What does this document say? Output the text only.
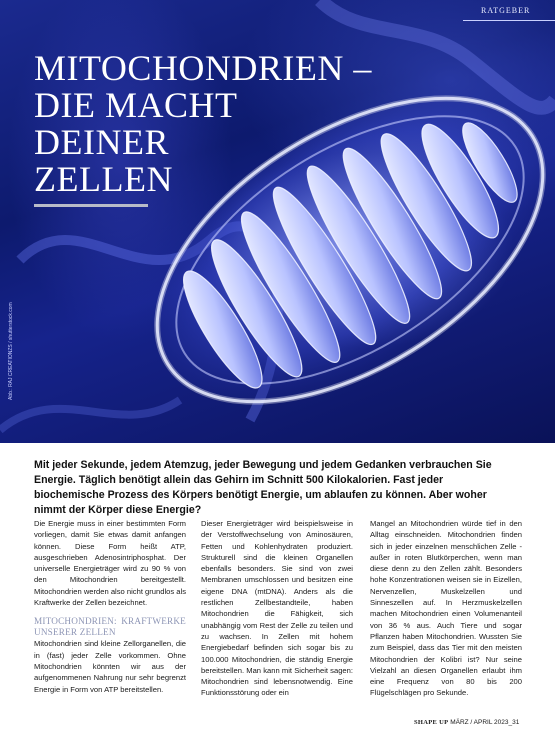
RATGEBER
MITOCHONDRIEN –
DIE MACHT
DEINER
ZELLEN
Abb.: RAJ CREATIONZS / shutterstock.com

Mit jeder Sekunde, jedem Atemzug, jeder Bewegung und jedem Gedanken verbrauchen Sie Energie. Täglich benötigt allein das Gehirn im Schnitt 500 Kilokalorien. Fast jeder biochemische Prozess des Körpers benötigt Energie, um ablaufen zu können. Aber woher nimmt der Körper diese Energie?

Die Energie muss in einer bestimmten Form vorliegen, damit Sie etwas damit anfangen können. Diese Form heißt ATP, ausgeschrieben Adenosintriphosphat. Der universelle Energieträger wird zu 90 % von den Mitochondrien bereitgestellt. Mitochondrien werden also nicht grundlos als Kraftwerke der Zellen bezeichnet.

MITOCHONDRIEN: KRAFTWERKE UNSERER ZELLEN

Mitochondrien sind kleine Zellorganellen, die in (fast) jeder Zelle vorkommen. Ohne Mitochondrien könnten wir aus der aufgenommenen Nahrung nur sehr begrenzt Energie in Form von ATP bereitstellen.

Dieser Energieträger wird beispielsweise in der Verstoffwechselung von Aminosäuren, Fetten und Kohlenhydraten produziert. Strukturell sind die kleinen Organellen ebenfalls besonders. Sie sind von zwei Membranen umschlossen und besitzen eine eigene DNA (mtDNA). Anders als die restlichen Zellbestandteile, haben Mitochondrien die Fähigkeit, sich unabhängig vom Rest der Zelle zu teilen und zu wachsen. In Zellen mit hohem Energiebedarf befinden sich sogar bis zu 100.000 Mitochondrien, die ständig Energie bereitstellen. Man kann mit Sicherheit sagen: Mitochondrien sind lebensnotwendig. Eine Funktionsstörung oder ein

Mangel an Mitochondrien würde tief in den Alltag einschneiden. Mitochondrien finden sich in jeder einzelnen menschlichen Zelle - außer in roten Blutkörperchen, wenn man diese denn zu den Zellen zählt. Besonders hohe Konzentrationen weisen sie in Eizellen, Nervenzellen, Muskelzellen und Sinneszellen auf. In Herzmuskelzellen machen Mitochondrien einen Volumenanteil von 36 % aus. Auch Tiere und sogar Pflanzen haben Mitochondrien. Wussten Sie zum Beispiel, dass das Tier mit den meisten Mitochondrien der Kolibri ist? Nur seine Vielzahl an diesen Organellen erlaubt ihm eine Frequenz von 80 bis 200 Flügelschlägen pro Sekunde.

SHAPE UP MÄRZ / APRIL 2023_31
